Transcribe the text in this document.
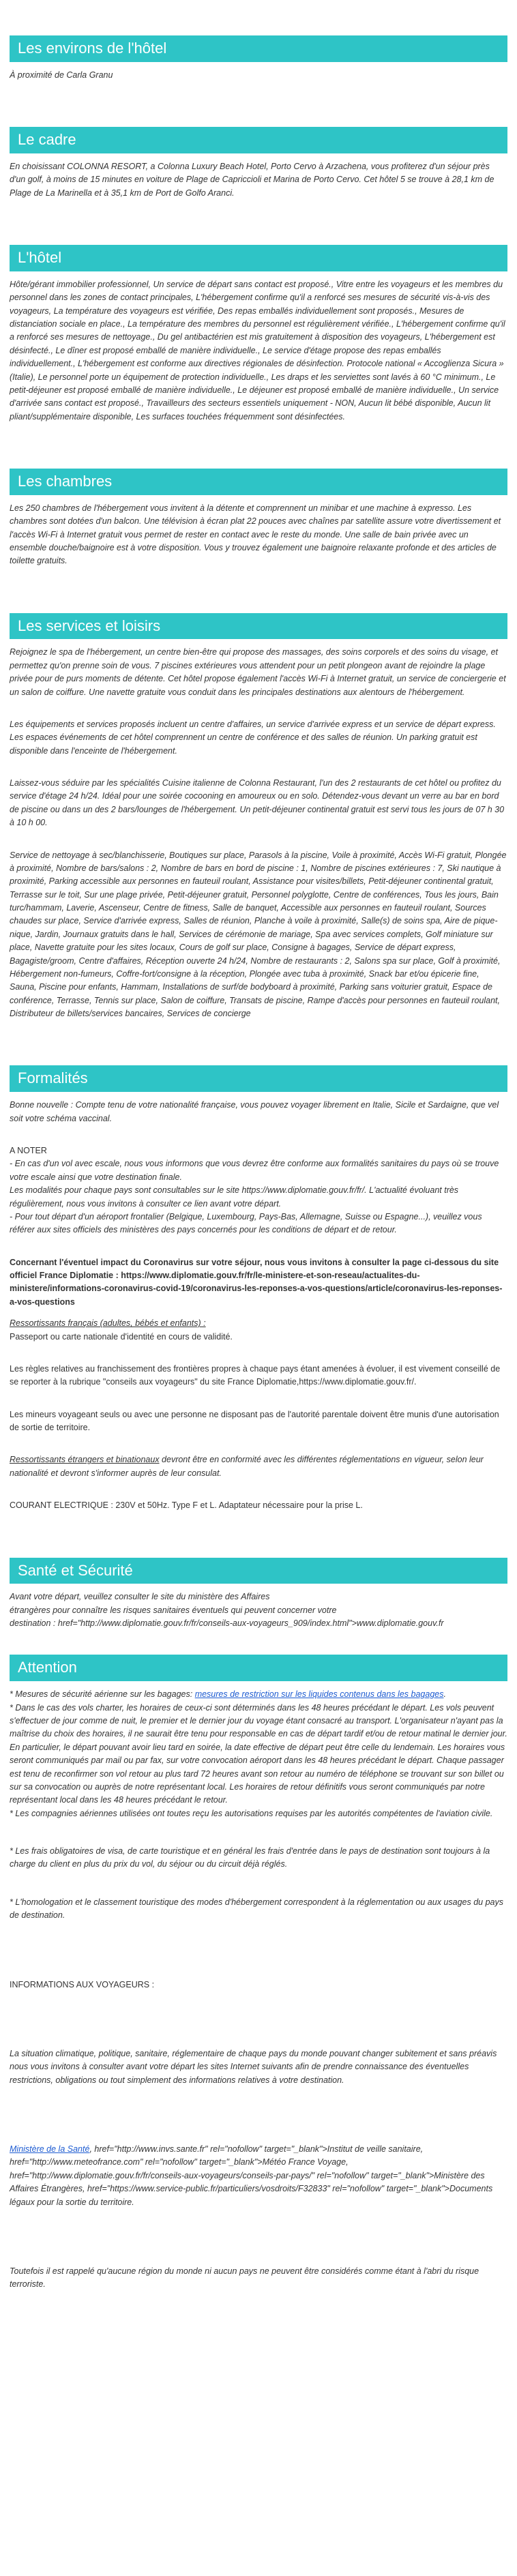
Les environs de l'hôtel

À proximité de Carla Granu

Le cadre

En choisissant COLONNA RESORT, a Colonna Luxury Beach Hotel, Porto Cervo à Arzachena, vous profiterez d'un séjour près d'un golf, à moins de 15 minutes en voiture de Plage de Capriccioli et Marina de Porto Cervo. Cet hôtel 5 se trouve à 28,1 km de Plage de La Marinella et à 35,1 km de Port de Golfo Aranci.

L'hôtel

Hôte/gérant immobilier professionnel, Un service de départ sans contact est proposé., Vitre entre les voyageurs et les membres du personnel dans les zones de contact principales, L'hébergement confirme qu'il a renforcé ses mesures de sécurité vis-à-vis des voyageurs, La température des voyageurs est vérifiée, Des repas emballés individuellement sont proposés., Mesures de distanciation sociale en place., La température des membres du personnel est régulièrement vérifiée., L'hébergement confirme qu'il a renforcé ses mesures de nettoyage., Du gel antibactérien est mis gratuitement à disposition des voyageurs, L'hébergement est désinfecté., Le dîner est proposé emballé de manière individuelle., Le service d'étage propose des repas emballés individuellement., L'hébergement est conforme aux directives régionales de désinfection. Protocole national « Accoglienza Sicura » (Italie), Le personnel porte un équipement de protection individuelle., Les draps et les serviettes sont lavés à 60 °C minimum., Le petit-déjeuner est proposé emballé de manière individuelle., Le déjeuner est proposé emballé de manière individuelle., Un service d'arrivée sans contact est proposé., Travailleurs des secteurs essentiels uniquement - NON, Aucun lit bébé disponible, Aucun lit pliant/supplémentaire disponible, Les surfaces touchées fréquemment sont désinfectées.

Les chambres

Les 250 chambres de l'hébergement vous invitent à la détente et comprennent un minibar et une machine à expresso. Les chambres sont dotées d'un balcon. Une télévision à écran plat 22 pouces avec chaînes par satellite assure votre divertissement et l'accès Wi-Fi à Internet gratuit vous permet de rester en contact avec le reste du monde. Une salle de bain privée avec un ensemble douche/baignoire est à votre disposition. Vous y trouvez également une baignoire relaxante profonde et des articles de toilette gratuits.

Les services et loisirs

Rejoignez le spa de l'hébergement, un centre bien-être qui propose des massages, des soins corporels et des soins du visage, et permettez qu'on prenne soin de vous. 7 piscines extérieures vous attendent pour un petit plongeon avant de rejoindre la plage privée pour de purs moments de détente. Cet hôtel propose également l'accès Wi-Fi à Internet gratuit, un service de conciergerie et un salon de coiffure. Une navette gratuite vous conduit dans les principales destinations aux alentours de l'hébergement.

Les équipements et services proposés incluent un centre d'affaires, un service d'arrivée express et un service de départ express. Les espaces événements de cet hôtel comprennent un centre de conférence et des salles de réunion. Un parking gratuit est disponible dans l'enceinte de l'hébergement.

Laissez-vous séduire par les spécialités Cuisine italienne de Colonna Restaurant, l'un des 2 restaurants de cet hôtel ou profitez du service d'étage 24 h/24. Idéal pour une soirée cocooning en amoureux ou en solo. Détendez-vous devant un verre au bar en bord de piscine ou dans un des 2 bars/lounges de l'hébergement. Un petit-déjeuner continental gratuit est servi tous les jours de 07 h 30 à 10 h 00.

Service de nettoyage à sec/blanchisserie, Boutiques sur place, Parasols à la piscine, Voile à proximité, Accès Wi-Fi gratuit, Plongée à proximité, Nombre de bars/salons : 2, Nombre de bars en bord de piscine : 1, Nombre de piscines extérieures : 7, Ski nautique à proximité, Parking accessible aux personnes en fauteuil roulant, Assistance pour visites/billets, Petit-déjeuner continental gratuit, Terrasse sur le toit, Sur une plage privée, Petit-déjeuner gratuit, Personnel polyglotte, Centre de conférences, Tous les jours, Bain turc/hammam, Laverie, Ascenseur, Centre de fitness, Salle de banquet, Accessible aux personnes en fauteuil roulant, Sources chaudes sur place, Service d'arrivée express, Salles de réunion, Planche à voile à proximité, Salle(s) de soins spa, Aire de pique-nique, Jardin, Journaux gratuits dans le hall, Services de cérémonie de mariage, Spa avec services complets, Golf miniature sur place, Navette gratuite pour les sites locaux, Cours de golf sur place, Consigne à bagages, Service de départ express, Bagagiste/groom, Centre d'affaires, Réception ouverte 24 h/24, Nombre de restaurants : 2, Salons spa sur place, Golf à proximité, Hébergement non-fumeurs, Coffre-fort/consigne à la réception, Plongée avec tuba à proximité, Snack bar et/ou épicerie fine, Sauna, Piscine pour enfants, Hammam, Installations de surf/de bodyboard à proximité, Parking sans voiturier gratuit, Espace de conférence, Terrasse, Tennis sur place, Salon de coiffure, Transats de piscine, Rampe d'accès pour personnes en fauteuil roulant, Distributeur de billets/services bancaires, Services de concierge

Formalités

Bonne nouvelle : Compte tenu de votre nationalité française, vous pouvez voyager librement en Italie, Sicile et Sardaigne, que vel soit votre schéma vaccinal.

A NOTER

- En cas d'un vol avec escale, nous vous informons que vous devrez être conforme aux formalités sanitaires du pays où se trouve votre escale ainsi que votre destination finale.
Les modalités pour chaque pays sont consultables sur le site https://www.diplomatie.gouv.fr/fr/. L'actualité évoluant très régulièrement, nous vous invitons à consulter ce lien avant votre départ.
- Pour tout départ d'un aéroport frontalier (Belgique, Luxembourg, Pays-Bas, Allemagne, Suisse ou Espagne...), veuillez vous référer aux sites officiels des ministères des pays concernés pour les conditions de départ et de retour.

Concernant l'éventuel impact du Coronavirus sur votre séjour, nous vous invitons à consulter la page ci-dessous du site officiel France Diplomatie : https://www.diplomatie.gouv.fr/fr/le-ministere-et-son-reseau/actualites-du-ministere/informations-coronavirus-covid-19/coronavirus-les-reponses-a-vos-questions/article/coronavirus-les-reponses-a-vos-questions

Ressortissants français (adultes, bébés et enfants) :

Passeport ou carte nationale d'identité en cours de validité.

Les règles relatives au franchissement des frontières propres à chaque pays étant amenées à évoluer, il est vivement conseillé de se reporter à la rubrique "conseils aux voyageurs" du site France Diplomatie,https://www.diplomatie.gouv.fr/.

Les mineurs voyageant seuls ou avec une personne ne disposant pas de l'autorité parentale doivent être munis d'une autorisation de sortie de territoire.

Ressortissants étrangers et binationaux devront être en conformité avec les différentes réglementations en vigueur, selon leur nationalité et devront s'informer auprès de leur consulat.

COURANT ELECTRIQUE : 230V et 50Hz. Type F et L. Adaptateur nécessaire pour la prise L.

Santé et Sécurité

Avant votre départ, veuillez consulter le site du ministère des Affaires
étrangères pour connaître les risques sanitaires éventuels qui peuvent concerner votre
destination : href="http://www.diplomatie.gouv.fr/fr/conseils-aux-voyageurs_909/index.html">www.diplomatie.gouv.fr

Attention

* Mesures de sécurité aérienne sur les bagages: mesures de restriction sur les liquides contenus dans les bagages.
* Dans le cas des vols charter, les horaires de ceux-ci sont déterminés dans les 48 heures précédant le départ. Les vols peuvent s'effectuer de jour comme de nuit, le premier et le dernier jour du voyage étant consacré au transport. L'organisateur n'ayant pas la maîtrise du choix des horaires, il ne saurait être tenu pour responsable en cas de départ tardif et/ou de retour matinal le dernier jour. En particulier, le départ pouvant avoir lieu tard en soirée, la date effective de départ peut être celle du lendemain. Les horaires vous seront communiqués par mail ou par fax, sur votre convocation aéroport dans les 48 heures précédant le départ. Chaque passager est tenu de reconfirmer son vol retour au plus tard 72 heures avant son retour au numéro de téléphone se trouvant sur son billet ou sur sa convocation ou auprès de notre représentant local. Les horaires de retour définitifs vous seront communiqués par notre représentant local dans les 48 heures précédant le retour.
* Les compagnies aériennes utilisées ont toutes reçu les autorisations requises par les autorités compétentes de l'aviation civile.

* Les frais obligatoires de visa, de carte touristique et en général les frais d'entrée dans le pays de destination sont toujours à la charge du client en plus du prix du vol, du séjour ou du circuit déjà réglés.

* L'homologation et le classement touristique des modes d'hébergement correspondent à la réglementation ou aux usages du pays de destination.

INFORMATIONS AUX VOYAGEURS :

La situation climatique, politique, sanitaire, réglementaire de chaque pays du monde pouvant changer subitement et sans préavis
nous vous invitons à consulter avant votre départ les sites Internet suivants afin de prendre connaissance des éventuelles restrictions, obligations ou tout simplement des informations relatives à votre destination.

Ministère de la Santé, href="http://www.invs.sante.fr" rel="nofollow" target="_blank">Institut de veille sanitaire, href="http://www.meteofrance.com" rel="nofollow" target="_blank">Météo France Voyage, href="http://www.diplomatie.gouv.fr/fr/conseils-aux-voyageurs/conseils-par-pays/" rel="nofollow" target="_blank">Ministère des Affaires Étrangères, href="https://www.service-public.fr/particuliers/vosdroits/F32833" rel="nofollow" target="_blank">Documents légaux pour la sortie du territoire.

Toutefois il est rappelé qu'aucune région du monde ni aucun pays ne peuvent être considérés comme étant à l'abri du risque terroriste.
